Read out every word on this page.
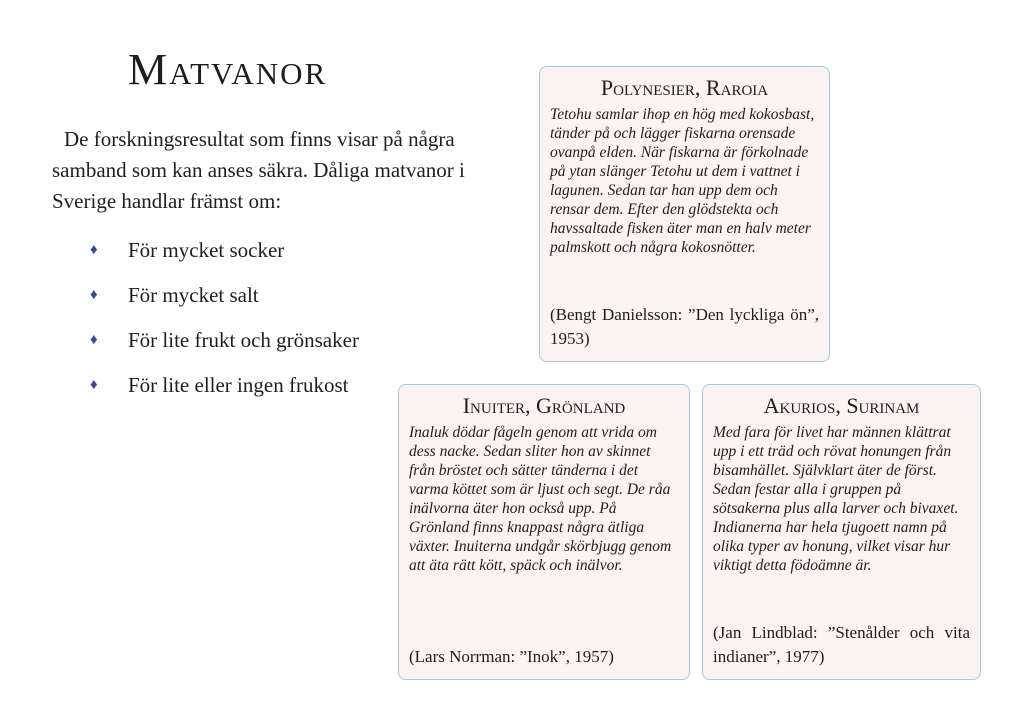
Matvanor

De forskningsresultat som finns visar på några samband som kan anses säkra. Dåliga matvanor i Sverige handlar främst om:

♦	För mycket socker
♦	För mycket salt
♦	För lite frukt och grönsaker
♦	För lite eller ingen frukost
Polynesier, Raroia

Tetohu samlar ihop en hög med kokosbast, tänder på och lägger fiskarna orensade ovanpå elden. När fiskarna är förkolnade på ytan slänger Tetohu ut dem i vattnet i lagunen. Sedan tar han upp dem och rensar dem. Efter den glödstekta och havssaltade fisken äter man en halv meter palmskott och några kokosnötter.

(Bengt Danielsson: ”Den lyckliga ön”, 1953)

Inuiter, Grönland

Inaluk dödar fågeln genom att vrida om dess nacke. Sedan sliter hon av skinnet från bröstet och sätter tänderna i det varma köttet som är ljust och segt. De råa inälvorna äter hon också upp. På Grönland finns knappast några ätliga växter. Inuiterna undgår skörbjugg genom att äta rätt kött, späck och inälvor.

(Lars Norrman: ”Inok”, 1957)

Akurios, Surinam

Med fara för livet har männen klättrat upp i ett träd och rövat honungen från bisamhället. Självklart äter de först. Sedan festar alla i gruppen på sötsakerna plus alla larver och bivaxet. Indianerna har hela tjugoett namn på olika typer av honung, vilket visar hur viktigt detta födoämne är.

(Jan Lindblad: ”Stenålder och vita indianer”, 1977)
